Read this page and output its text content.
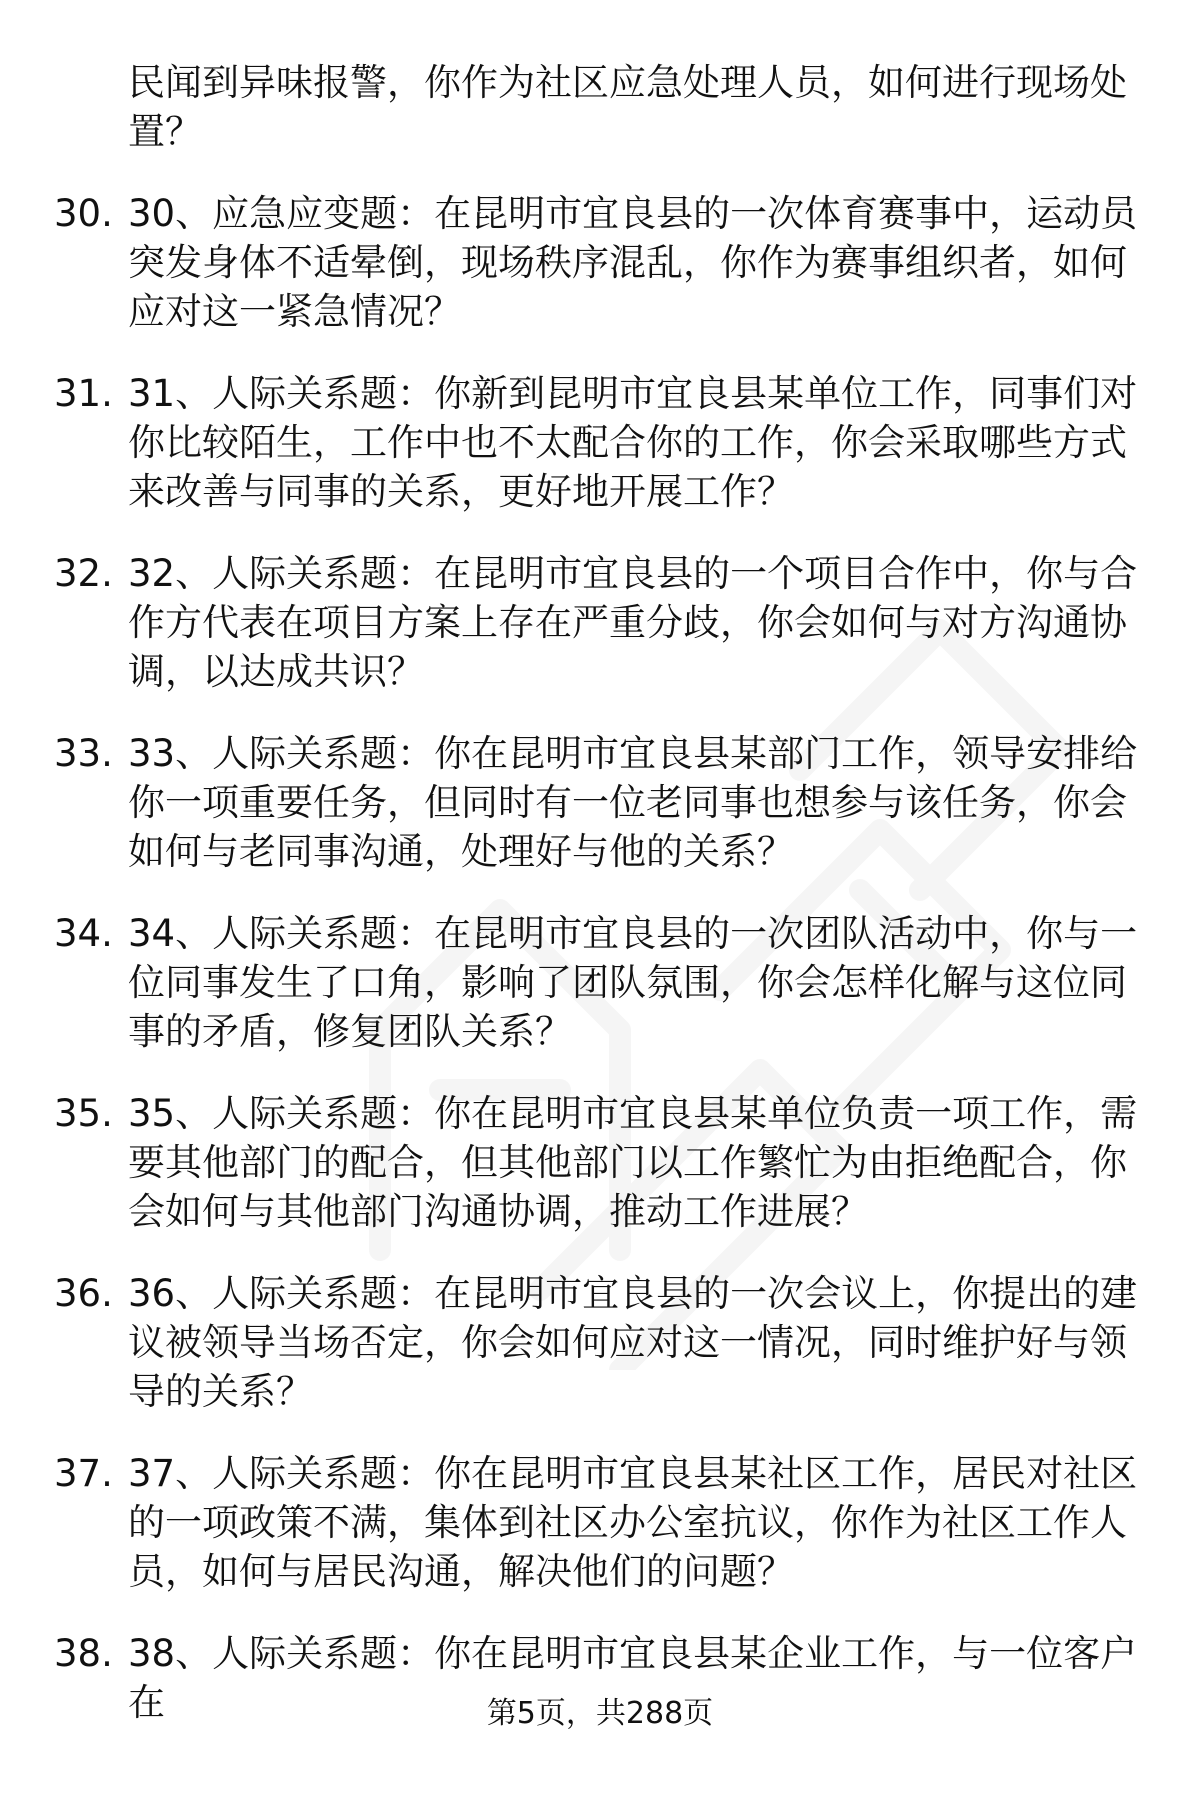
民闻到异味报警，你作为社区应急处理人员，如何进行现场处置？

30. 30、应急应变题：在昆明市宜良县的一次体育赛事中，运动员突发身体不适晕倒，现场秩序混乱，你作为赛事组织者，如何应对这一紧急情况？

31. 31、人际关系题：你新到昆明市宜良县某单位工作，同事们对你比较陌生，工作中也不太配合你的工作，你会采取哪些方式来改善与同事的关系，更好地开展工作？

32. 32、人际关系题：在昆明市宜良县的一个项目合作中，你与合作方代表在项目方案上存在严重分歧，你会如何与对方沟通协调，以达成共识？

33. 33、人际关系题：你在昆明市宜良县某部门工作，领导安排给你一项重要任务，但同时有一位老同事也想参与该任务，你会如何与老同事沟通，处理好与他的关系？

34. 34、人际关系题：在昆明市宜良县的一次团队活动中，你与一位同事发生了口角，影响了团队氛围，你会怎样化解与这位同事的矛盾，修复团队关系？

35. 35、人际关系题：你在昆明市宜良县某单位负责一项工作，需要其他部门的配合，但其他部门以工作繁忙为由拒绝配合，你会如何与其他部门沟通协调，推动工作进展？

36. 36、人际关系题：在昆明市宜良县的一次会议上，你提出的建议被领导当场否定，你会如何应对这一情况，同时维护好与领导的关系？

37. 37、人际关系题：你在昆明市宜良县某社区工作，居民对社区的一项政策不满，集体到社区办公室抗议，你作为社区工作人员，如何与居民沟通，解决他们的问题？

38. 38、人际关系题：你在昆明市宜良县某企业工作，与一位客户在	第5页，共288页
